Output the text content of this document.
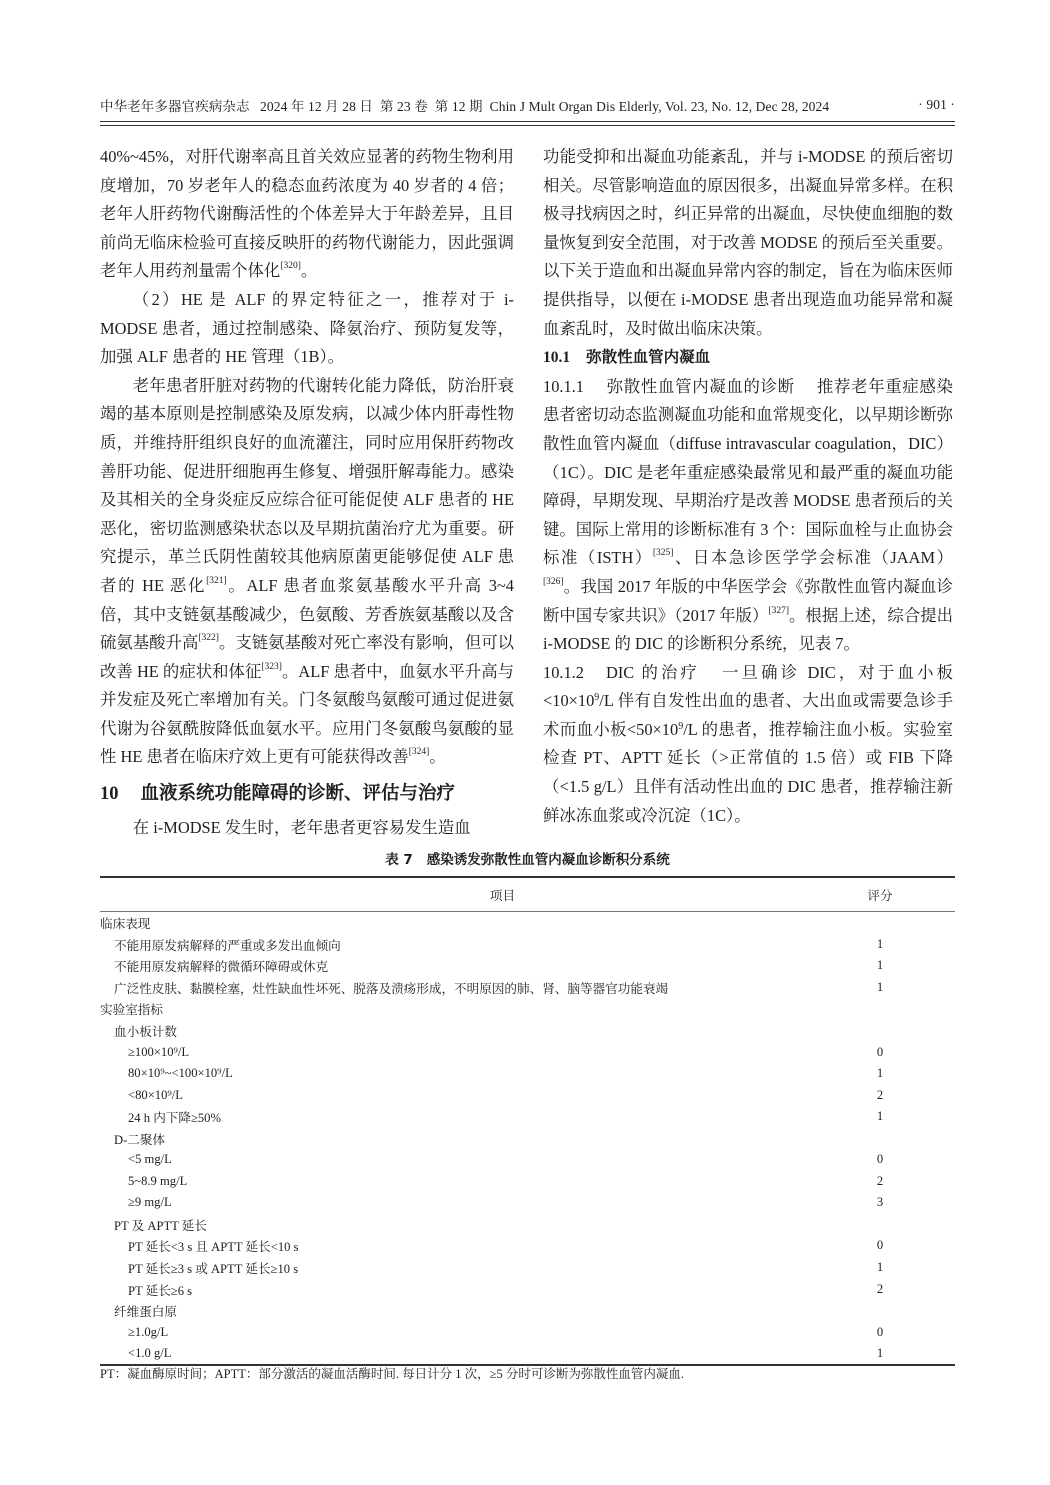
中华老年多器官疾病杂志 2024 年 12 月 28 日 第 23 卷 第 12 期 Chin J Mult Organ Dis Elderly, Vol. 23, No. 12, Dec 28, 2024	· 901 ·

40%~45%，对肝代谢率高且首关效应显著的药物生物利用度增加，70 岁老年人的稳态血药浓度为 40 岁者的 4 倍；老年人肝药物代谢酶活性的个体差异大于年龄差异，且目前尚无临床检验可直接反映肝的药物代谢能力，因此强调老年人用药剂量需个体化[320]。

（2）HE 是 ALF 的界定特征之一，推荐对于 i-MODSE 患者，通过控制感染、降氨治疗、预防复发等，加强 ALF 患者的 HE 管理（1B）。

老年患者肝脏对药物的代谢转化能力降低，防治肝衰竭的基本原则是控制感染及原发病，以减少体内肝毒性物质，并维持肝组织良好的血流灌注，同时应用保肝药物改善肝功能、促进肝细胞再生修复、增强肝解毒能力。感染及其相关的全身炎症反应综合征可能促使 ALF 患者的 HE 恶化，密切监测感染状态以及早期抗菌治疗尤为重要。研究提示，革兰氏阴性菌较其他病原菌更能够促使 ALF 患者的 HE 恶化[321]。ALF 患者血浆氨基酸水平升高 3~4 倍，其中支链氨基酸减少，色氨酸、芳香族氨基酸以及含硫氨基酸升高[322]。支链氨基酸对死亡率没有影响，但可以改善 HE 的症状和体征[323]。ALF 患者中，血氨水平升高与并发症及死亡率增加有关。门冬氨酸鸟氨酸可通过促进氨代谢为谷氨酰胺降低血氨水平。应用门冬氨酸鸟氨酸的显性 HE 患者在临床疗效上更有可能获得改善[324]。

10 血液系统功能障碍的诊断、评估与治疗

在 i-MODSE 发生时，老年患者更容易发生造血

功能受抑和出凝血功能紊乱，并与 i-MODSE 的预后密切相关。尽管影响造血的原因很多，出凝血异常多样。在积极寻找病因之时，纠正异常的出凝血，尽快使血细胞的数量恢复到安全范围，对于改善 MODSE 的预后至关重要。以下关于造血和出凝血异常内容的制定，旨在为临床医师提供指导，以便在 i-MODSE 患者出现造血功能异常和凝血紊乱时，及时做出临床决策。

10.1 弥散性血管内凝血

10.1.1 弥散性血管内凝血的诊断 推荐老年重症感染患者密切动态监测凝血功能和血常规变化，以早期诊断弥散性血管内凝血（diffuse intravascular coagulation，DIC）（1C）。DIC 是老年重症感染最常见和最严重的凝血功能障碍，早期发现、早期治疗是改善 MODSE 患者预后的关键。国际上常用的诊断标准有 3 个：国际血栓与止血协会标准（ISTH）[325]、日本急诊医学学会标准（JAAM）[326]。我国 2017 年版的中华医学会《弥散性血管内凝血诊断中国专家共识》（2017 年版）[327]。根据上述，综合提出 i-MODSE 的 DIC 的诊断积分系统，见表 7。

10.1.2 DIC 的治疗 一旦确诊 DIC，对于血小板$<10\times 10^9/L$ 伴有自发性出血的患者、大出血或需要急诊手术而血小板$<50\times 10^9/L$ 的患者，推荐输注血小板。实验室检查 PT、APTT 延长（>正常值的 1.5 倍）或 FIB 下降（<1.5 g/L）且伴有活动性出血的 DIC 患者，推荐输注新鲜冰冻血浆或冷沉淀（1C）。

表 7 感染诱发弥散性血管内凝血诊断积分系统
项目	评分
临床表现
不能用原发病解释的严重或多发出血倾向	1
不能用原发病解释的微循环障碍或休克	1
广泛性皮肤、黏膜栓塞，灶性缺血性坏死、脱落及溃疡形成，不明原因的肺、肾、脑等器官功能衰竭	1
实验室指标
血小板计数
≥100×10⁹/L	0
80×10⁹~<100×10⁹/L	1
<80×10⁹/L	2
24 h 内下降≥50%	1
D-二聚体
<5 mg/L	0
5~8.9 mg/L	2
≥9 mg/L	3
PT 及 APTT 延长
PT 延长<3 s 且 APTT 延长<10 s	0
PT 延长≥3 s 或 APTT 延长≥10 s	1
PT 延长≥6 s	2
纤维蛋白原
≥1.0g/L	0
<1.0 g/L	1
PT：凝血酶原时间；APTT：部分激活的凝血活酶时间. 每日计分 1 次，≥5 分时可诊断为弥散性血管内凝血.
